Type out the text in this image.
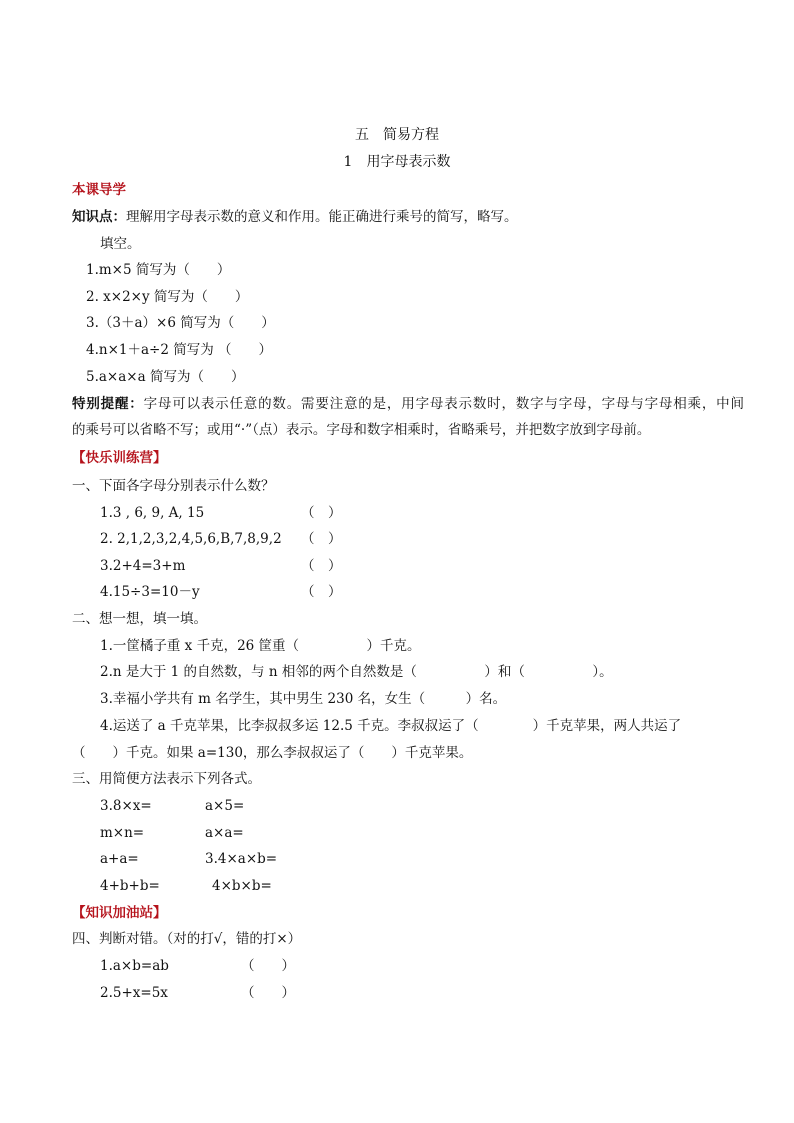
五　简易方程
1　用字母表示数
本课导学
知识点：理解用字母表示数的意义和作用。能正确进行乘号的简写，略写。
填空。
1.m×5 简写为（　　）
2. x×2×y 简写为（　　）
3.（3＋a）×6 简写为（　　）
4.n×1＋a÷2 简写为 （　　）
5.a×a×a 简写为（　　）
特别提醒：字母可以表示任意的数。需要注意的是，用字母表示数时，数字与字母，字母与字母相乘，中间
的乘号可以省略不写；或用“·”（点）表示。字母和数字相乘时，省略乘号，并把数字放到字母前。
【快乐训练营】
一、下面各字母分别表示什么数？
1.3 , 6, 9, A, 15	（　）
2. 2,1,2,3,2,4,5,6,B,7,8,9,2 （　）
3.2+4=3+m	（　）
4.15÷3=10－y	（　）
二、想一想，填一填。
1.一筐橘子重 x 千克，26 筐重（　　　　　）千克。
2.n 是大于 1 的自然数，与 n 相邻的两个自然数是（　　　　　）和（　　　　　）。
3.幸福小学共有 m 名学生，其中男生 230 名，女生（　　　）名。
4.运送了 a 千克苹果，比李叔叔多运 12.5 千克。李叔叔运了（　　　　）千克苹果，两人共运了
（　　）千克。如果 a=130，那么李叔叔运了（　　）千克苹果。
三、用简便方法表示下列各式。
3.8×x=	a×5=
m×n=	a×a=
a+a=	3.4×a×b=
4+b+b=	4×b×b=
【知识加油站】
四、判断对错。（对的打√，错的打×）
1.a×b=ab	（　　）
2.5+x=5x	（　　）
